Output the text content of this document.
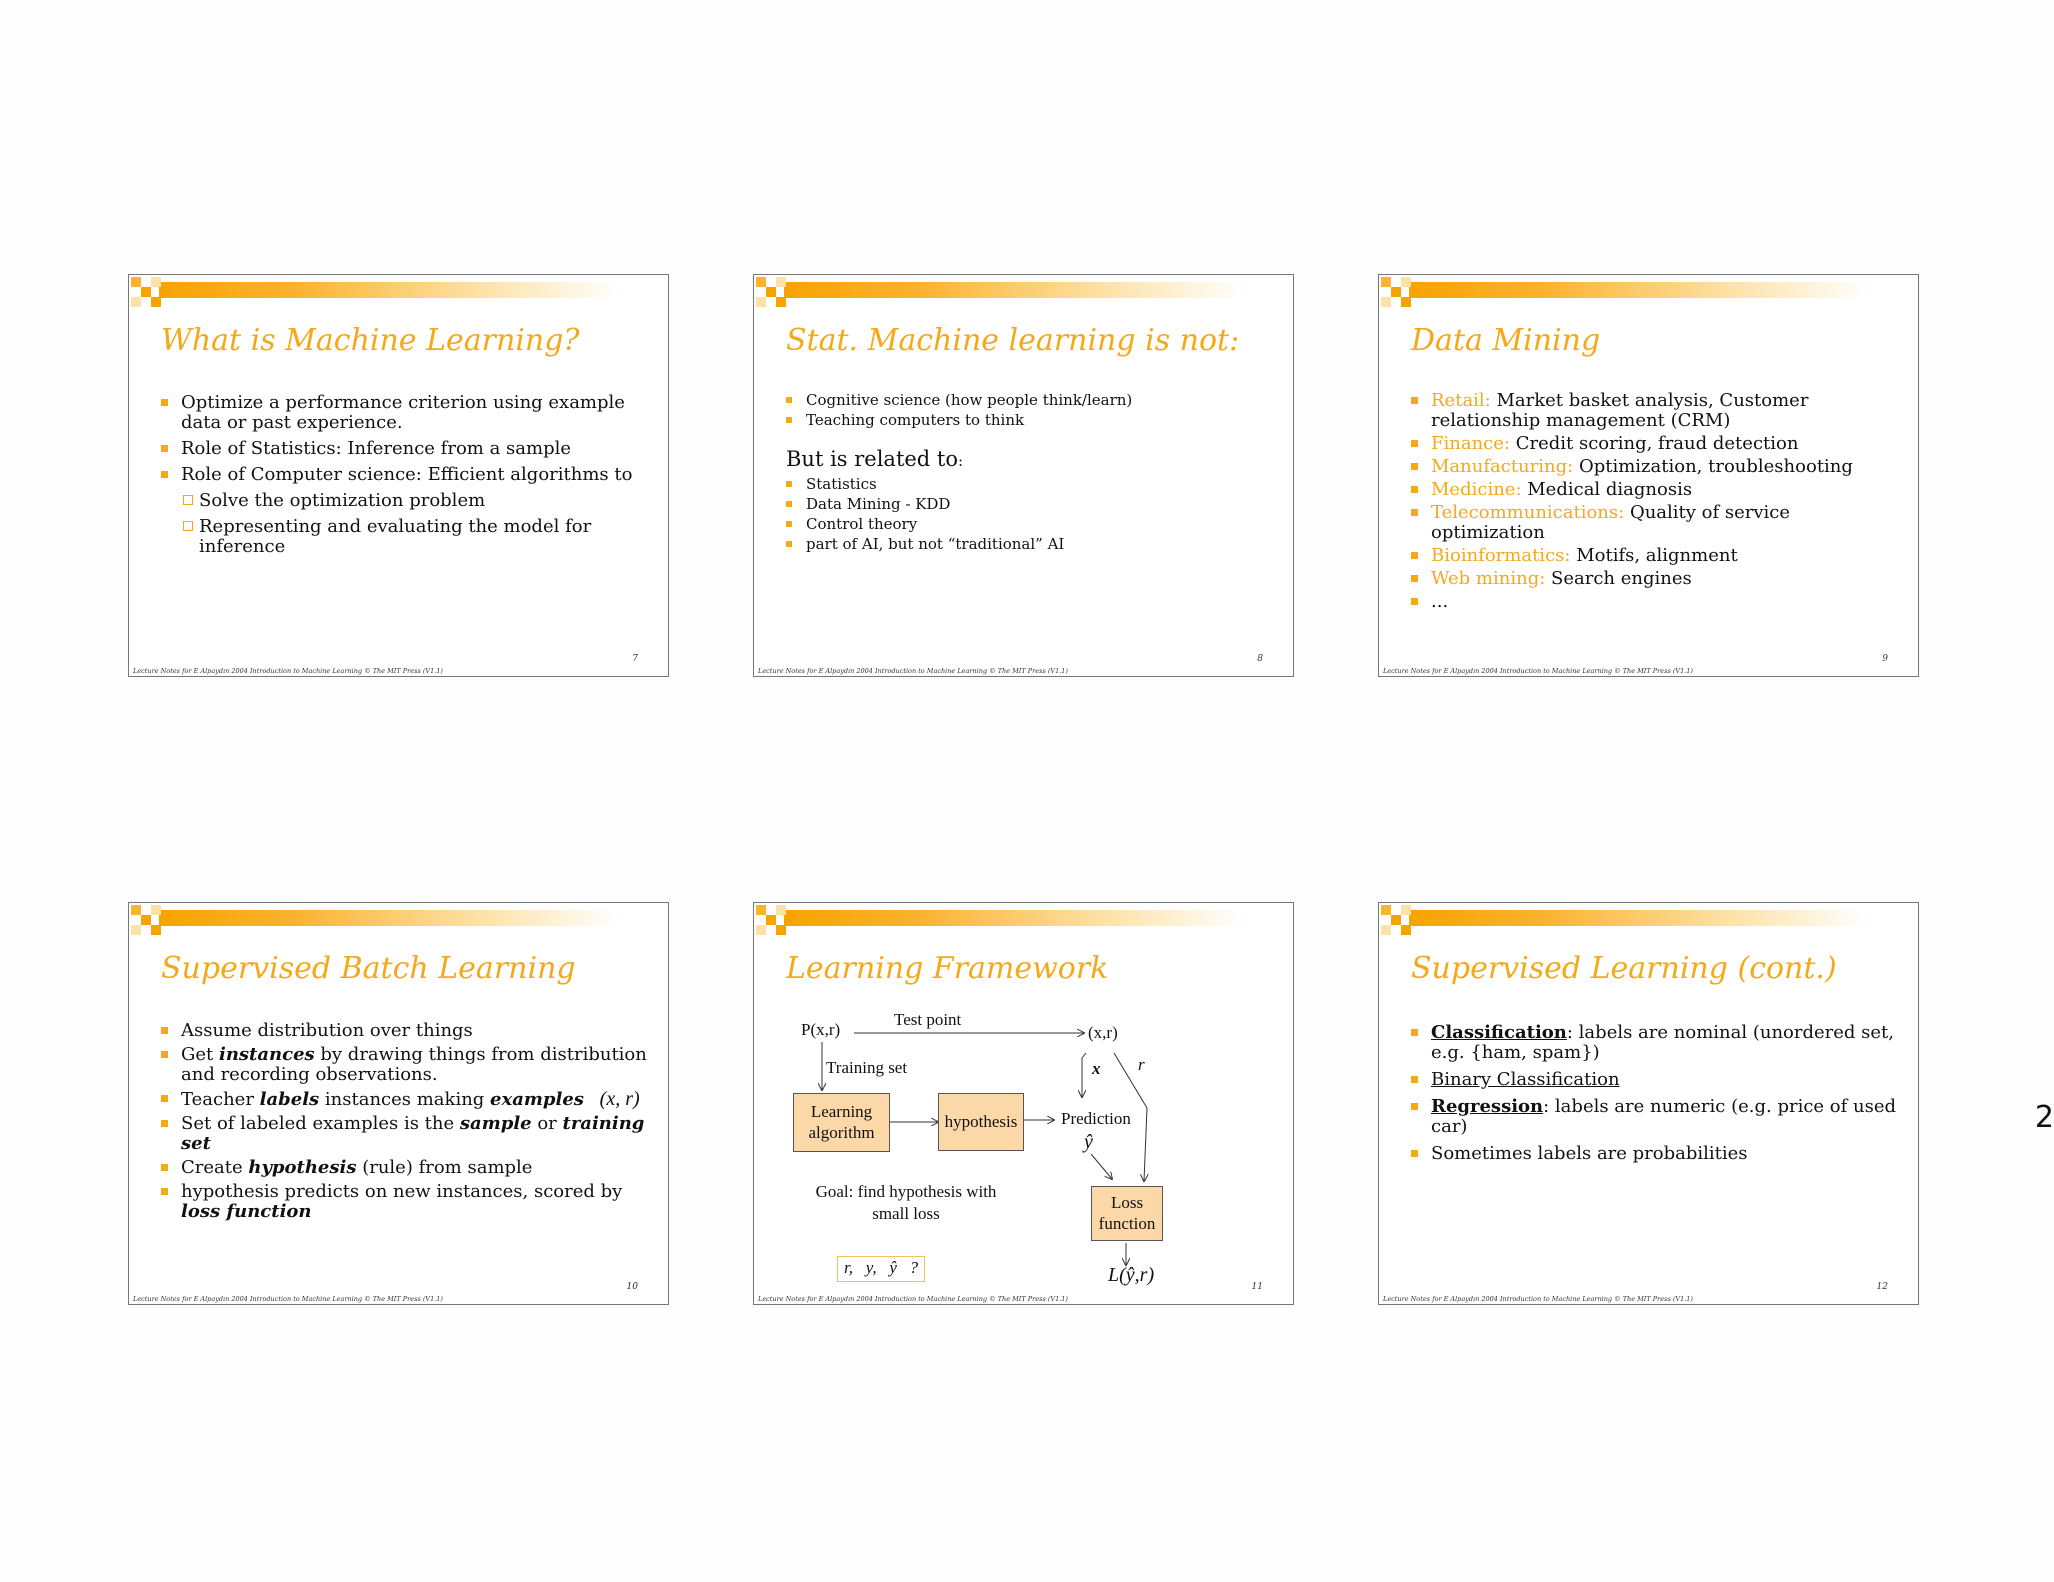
What is Machine Learning?
Optimize a performance criterion using example data or past experience.
Role of Statistics: Inference from a sample
Role of Computer science: Efficient algorithms to
Solve the optimization problem
Representing and evaluating the model for inference
7
Lecture Notes for E Alpaydın 2004 Introduction to Machine Learning © The MIT Press (V1.1)
Stat. Machine learning is not:
Cognitive science (how people think/learn)
Teaching computers to think
But is related to:
Statistics
Data Mining - KDD
Control theory
part of AI, but not “traditional” AI
8
Lecture Notes for E Alpaydın 2004 Introduction to Machine Learning © The MIT Press (V1.1)
Data Mining
Retail: Market basket analysis, Customer relationship management (CRM)
Finance: Credit scoring, fraud detection
Manufacturing: Optimization, troubleshooting
Medicine: Medical diagnosis
Telecommunications: Quality of service optimization
Bioinformatics: Motifs, alignment
Web mining: Search engines
...
9
Lecture Notes for E Alpaydın 2004 Introduction to Machine Learning © The MIT Press (V1.1)
Supervised Batch Learning
Assume distribution over things
Get instances by drawing things from distribution and recording observations.
Teacher labels instances making examples (x, r)
Set of labeled examples is the sample or training set
Create hypothesis (rule) from sample
hypothesis predicts on new instances, scored by loss function
10
Lecture Notes for E Alpaydın 2004 Introduction to Machine Learning © The MIT Press (V1.1)
Learning Framework
P(x,r)
Test point
(x,r)
Training set	x r
Learning algorithm
hypothesis	Prediction
ŷ
Goal: find hypothesis with small loss
Loss function
L(ŷ,r)
r,   y,   ŷ   ?
11
Lecture Notes for E Alpaydın 2004 Introduction to Machine Learning © The MIT Press (V1.1)
Supervised Learning (cont.)
Classification: labels are nominal (unordered set, e.g. {ham, spam})
Binary Classification
Regression: labels are numeric (e.g. price of used car)
Sometimes labels are probabilities
12
Lecture Notes for E Alpaydın 2004 Introduction to Machine Learning © The MIT Press (V1.1)
2
